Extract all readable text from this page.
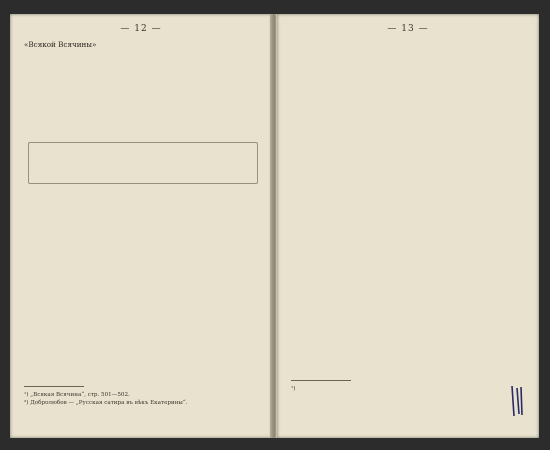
— 12 —
«Всякой Всячины»
¹) „Всякая Всячина“, стр. 501—502.
²) Добролюбов — „Русская сатира въ вѣкъ Екатерины“.
— 13 —
¹)
